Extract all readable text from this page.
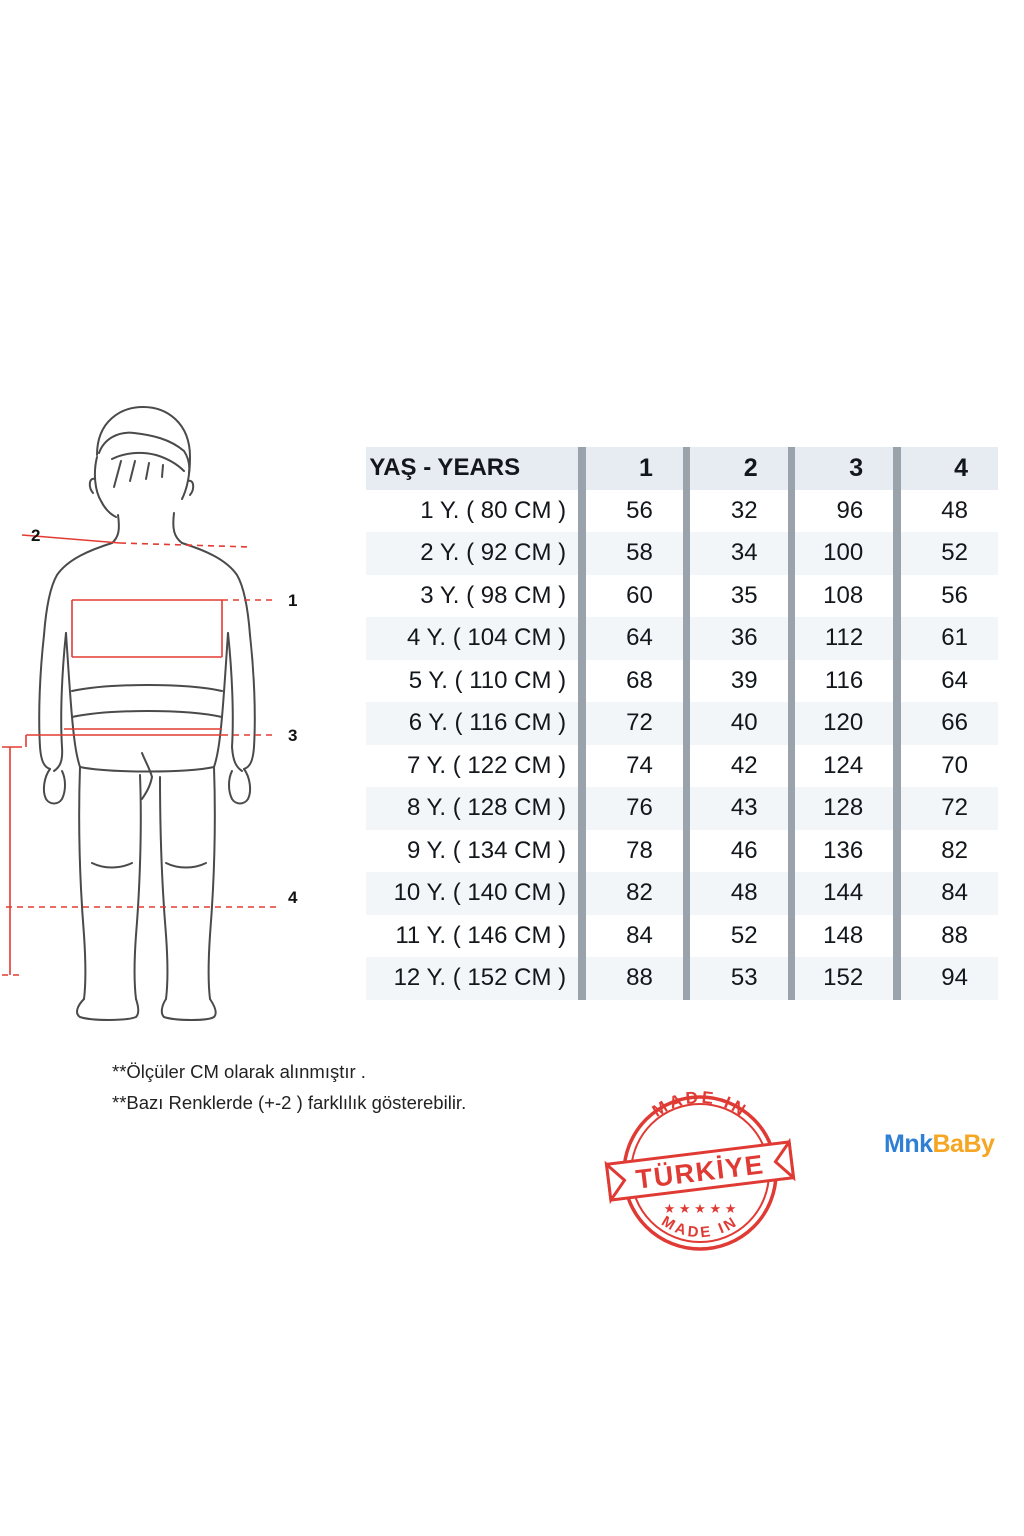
1
2
3
4
YAŞ - YEARS		1		2		3		4
1 Y. ( 80 CM )		56		32		96		48
2 Y. ( 92 CM )		58		34		100		52
3 Y. ( 98 CM )		60		35		108		56
4 Y. ( 104 CM )		64		36		112		61
5 Y. ( 110 CM )		68		39		116		64
6 Y. ( 116 CM )		72		40		120		66
7 Y. ( 122 CM )		74		42		124		70
8 Y. ( 128 CM )		76		43		128		72
9 Y. ( 134 CM )		78		46		136		82
10 Y. ( 140 CM )		82		48		144		84
11 Y. ( 146 CM )		84		52		148		88
12 Y. ( 152 CM )		88		53		152		94
**Ölçüler CM olarak alınmıştır .
**Bazı Renklerde (+-2 ) farklılık gösterebilir.	MADE IN
MADE IN
★ ★ ★ ★ ★
TÜRKİYE
MnkBaBy
